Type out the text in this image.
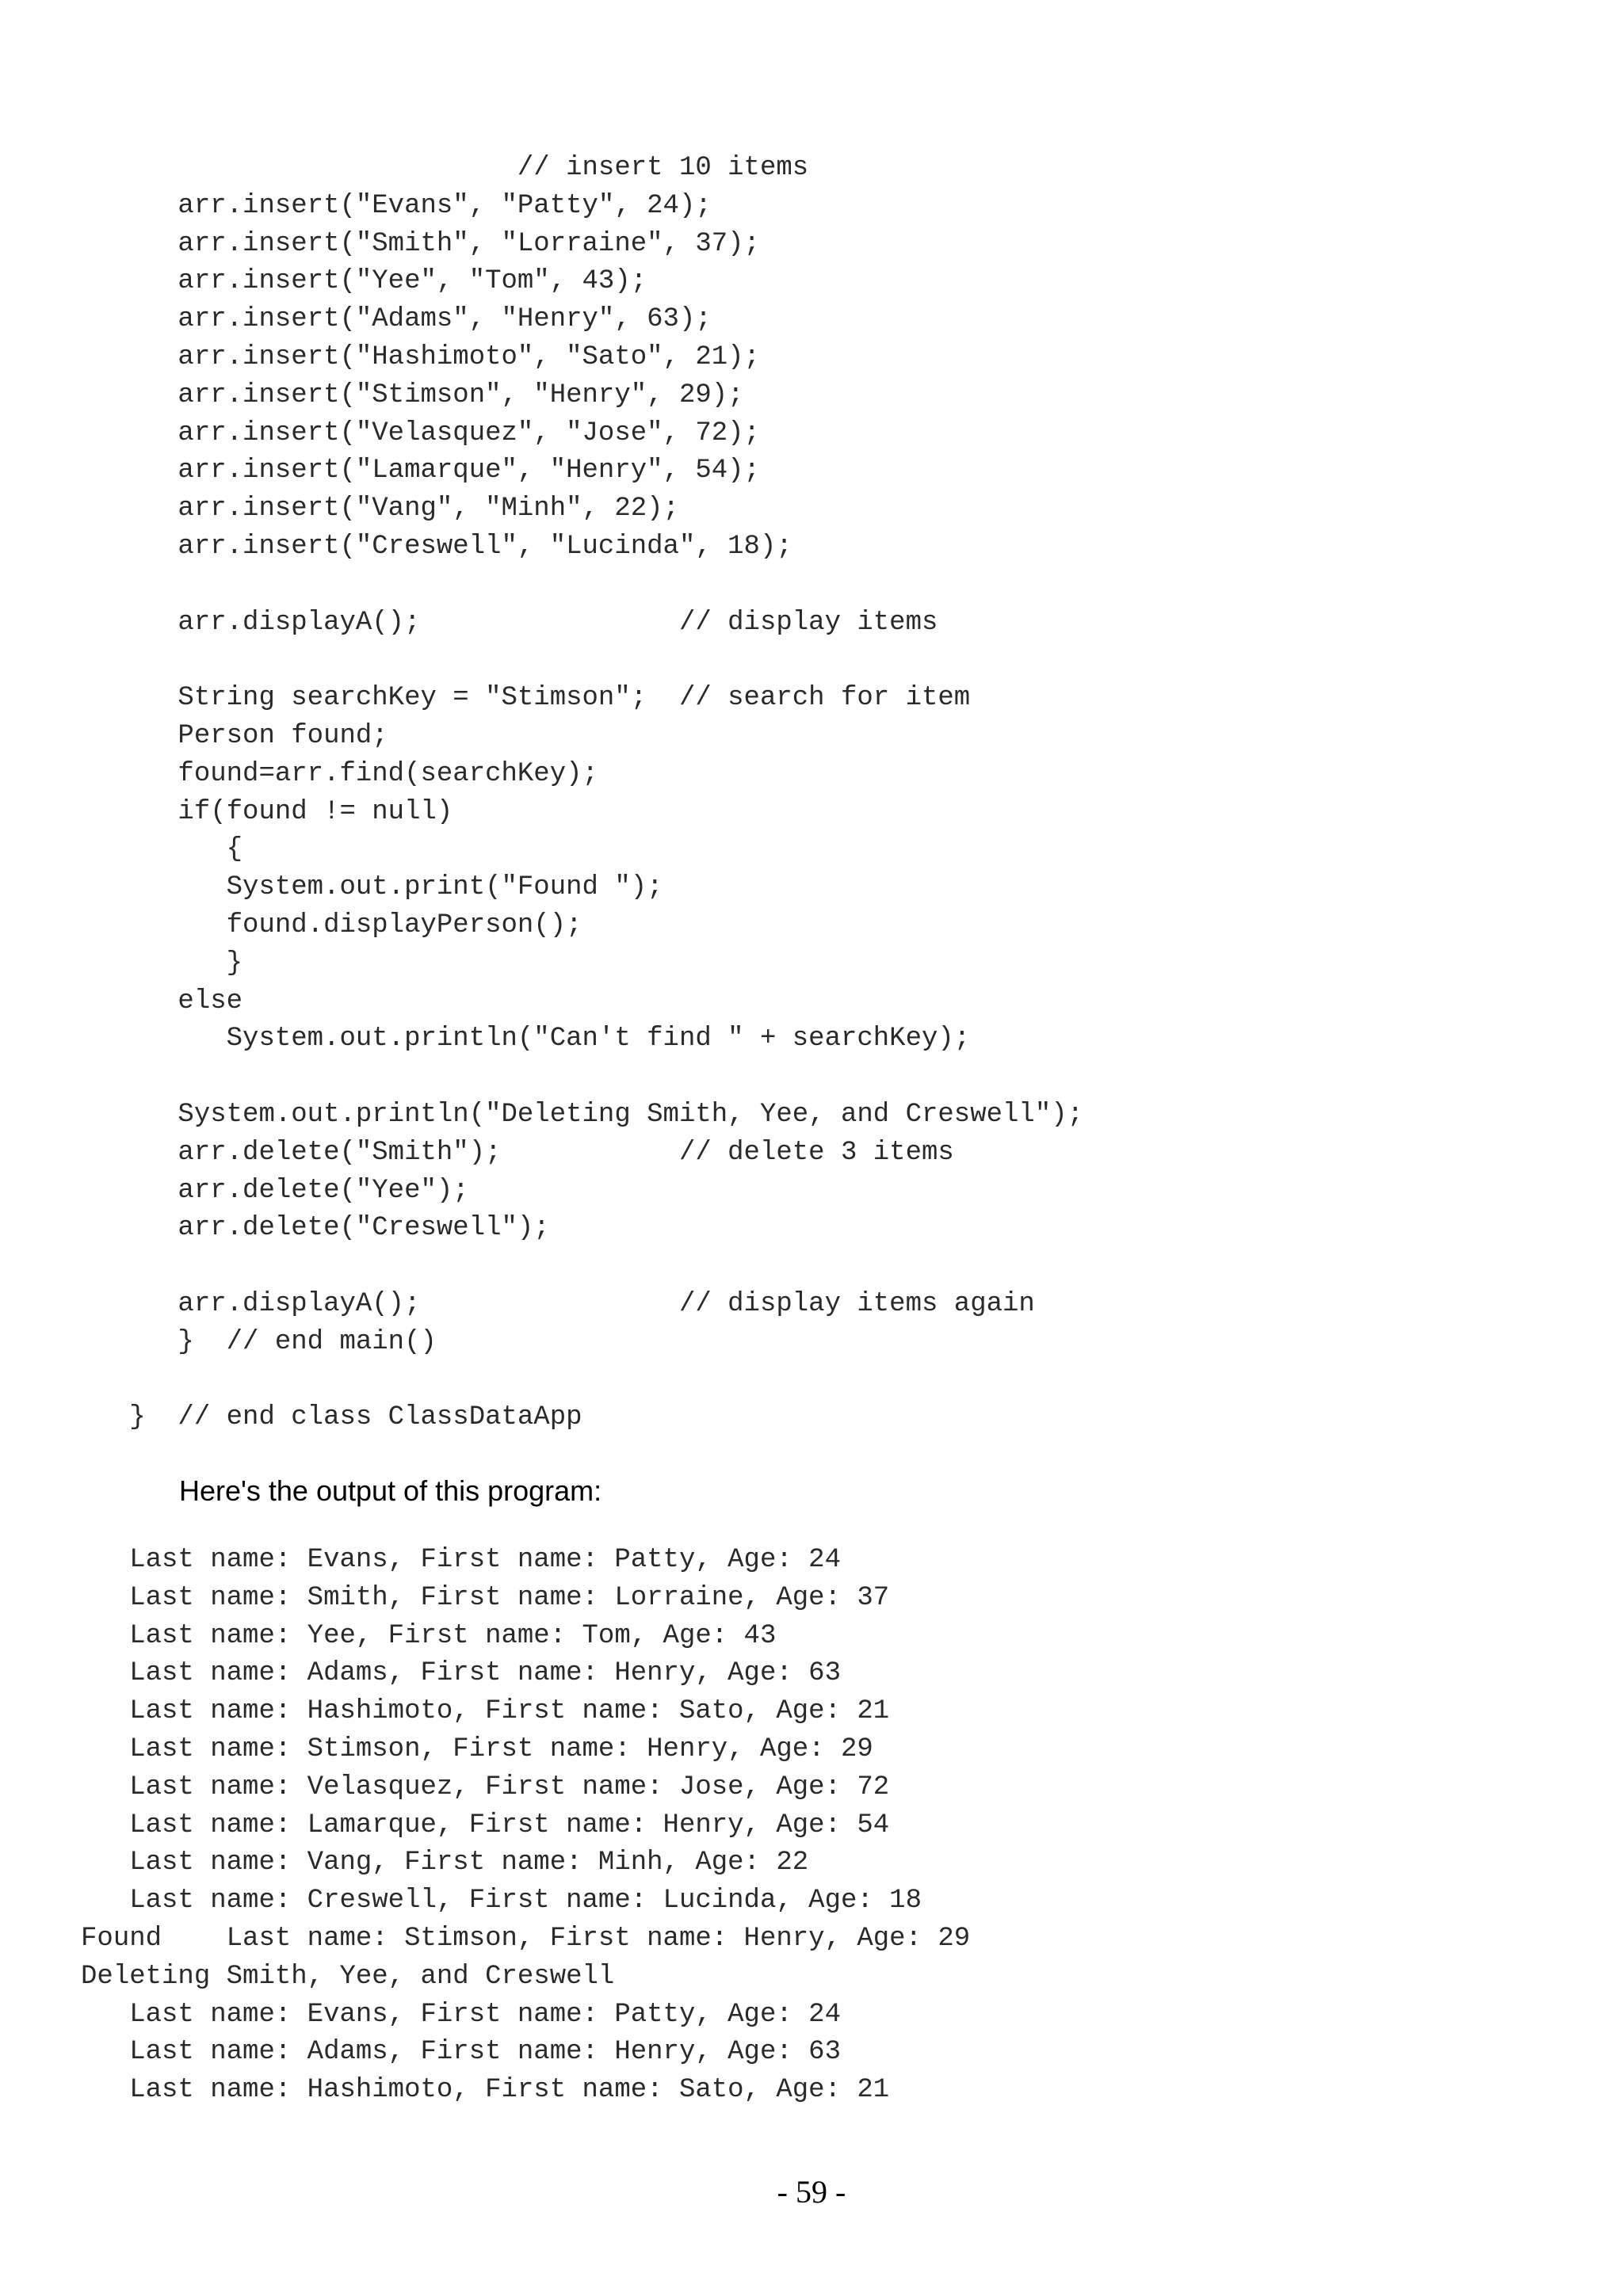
// insert 10 items
arr.insert("Evans", "Patty", 24);
arr.insert("Smith", "Lorraine", 37);
arr.insert("Yee", "Tom", 43);
arr.insert("Adams", "Henry", 63);
arr.insert("Hashimoto", "Sato", 21);
arr.insert("Stimson", "Henry", 29);
arr.insert("Velasquez", "Jose", 72);
arr.insert("Lamarque", "Henry", 54);
arr.insert("Vang", "Minh", 22);
arr.insert("Creswell", "Lucinda", 18);
arr.displayA();                // display items
String searchKey = "Stimson";  // search for item
Person found;
found=arr.find(searchKey);
if(found != null)
{
System.out.print("Found ");
found.displayPerson();
}
else
System.out.println("Can't find " + searchKey);
System.out.println("Deleting Smith, Yee, and Creswell");
arr.delete("Smith");           // delete 3 items
arr.delete("Yee");
arr.delete("Creswell");
arr.displayA();                // display items again
}  // end main()
}  // end class ClassDataApp

Here's the output of this program:

Last name: Evans, First name: Patty, Age: 24
Last name: Smith, First name: Lorraine, Age: 37
Last name: Yee, First name: Tom, Age: 43
Last name: Adams, First name: Henry, Age: 63
Last name: Hashimoto, First name: Sato, Age: 21
Last name: Stimson, First name: Henry, Age: 29
Last name: Velasquez, First name: Jose, Age: 72
Last name: Lamarque, First name: Henry, Age: 54
Last name: Vang, First name: Minh, Age: 22
Last name: Creswell, First name: Lucinda, Age: 18
Found    Last name: Stimson, First name: Henry, Age: 29
Deleting Smith, Yee, and Creswell
Last name: Evans, First name: Patty, Age: 24
Last name: Adams, First name: Henry, Age: 63
Last name: Hashimoto, First name: Sato, Age: 21
- 59 -
